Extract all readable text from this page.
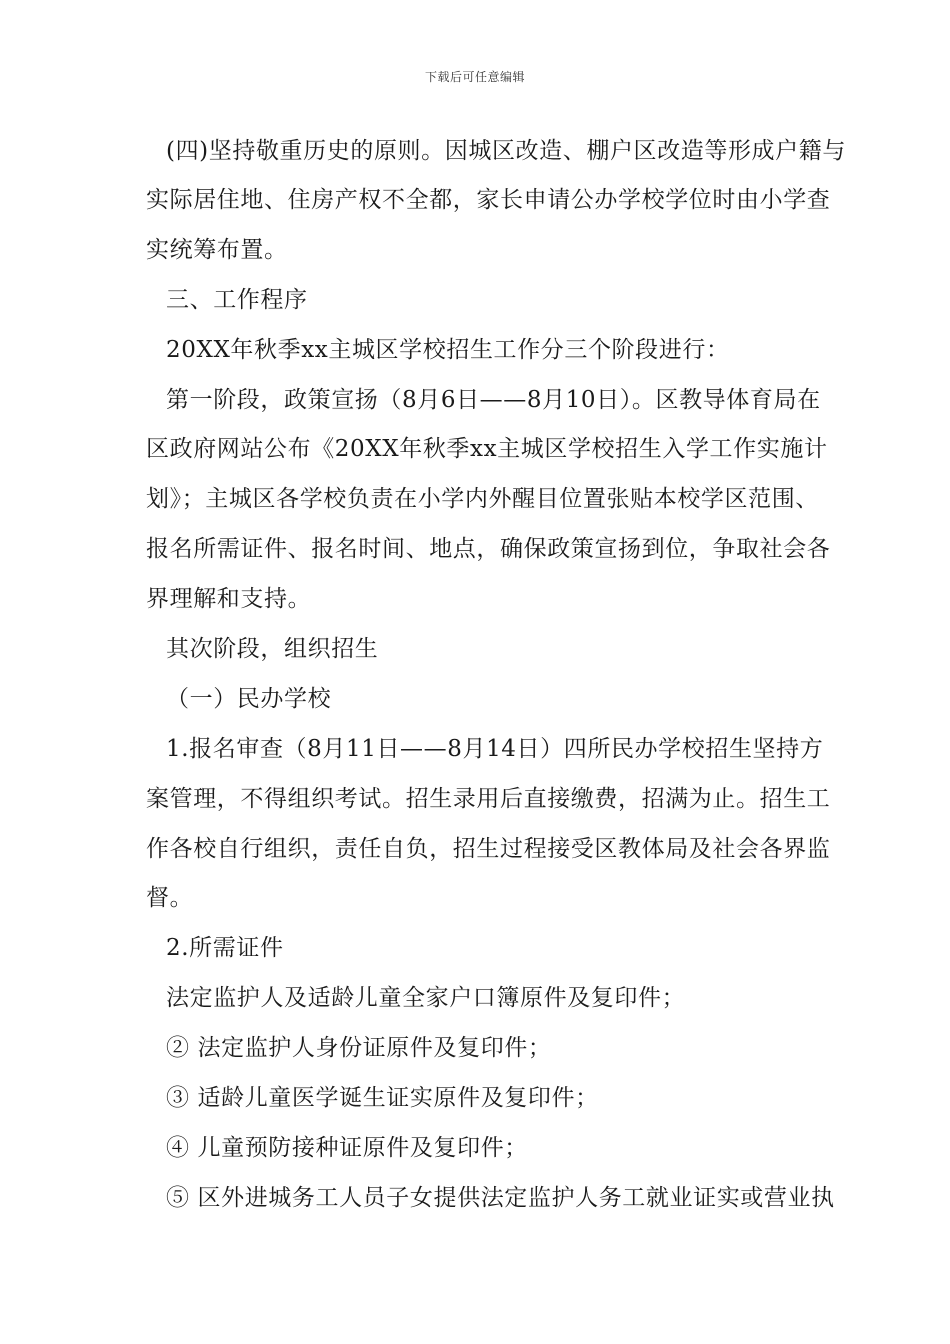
下载后可任意编辑
(四)坚持敬重历史的原则。因城区改造、棚户区改造等形成户籍与
实际居住地、住房产权不全都，家长申请公办学校学位时由小学查
实统筹布置。
三、工作程序
20XX年秋季xx主城区学校招生工作分三个阶段进行：
第一阶段，政策宣扬（8月6日——8月10日）。区教导体育局在
区政府网站公布《20XX年秋季xx主城区学校招生入学工作实施计
划》；主城区各学校负责在小学内外醒目位置张贴本校学区范围、
报名所需证件、报名时间、地点，确保政策宣扬到位，争取社会各
界理解和支持。
其次阶段，组织招生
（一）民办学校
1.报名审查（8月11日——8月14日）四所民办学校招生坚持方
案管理，不得组织考试。招生录用后直接缴费，招满为止。招生工
作各校自行组织，责任自负，招生过程接受区教体局及社会各界监
督。
2.所需证件
法定监护人及适龄儿童全家户口簿原件及复印件；
② 法定监护人身份证原件及复印件；
③ 适龄儿童医学诞生证实原件及复印件；
④ 儿童预防接种证原件及复印件；
⑤ 区外进城务工人员子女提供法定监护人务工就业证实或营业执
